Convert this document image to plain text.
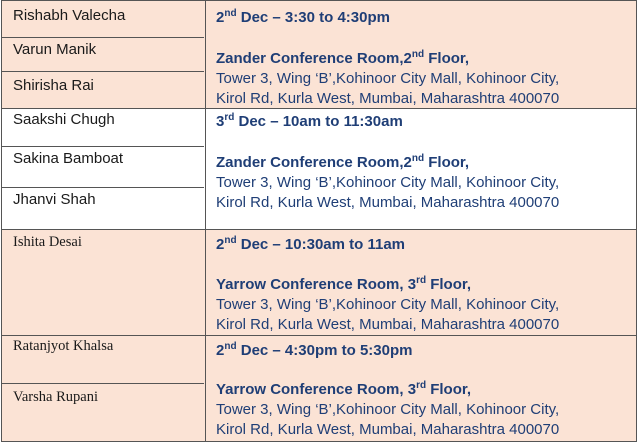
Rishabh Valecha
Varun Manik
Shirisha Rai
2nd Dec – 3:30 to 4:30pm
Zander Conference Room,2nd Floor,
Tower 3, Wing ‘B’,Kohinoor City Mall, Kohinoor City,
Kirol Rd, Kurla West, Mumbai, Maharashtra 400070
Saakshi Chugh
Sakina Bamboat
Jhanvi Shah
3rd Dec – 10am to 11:30am
Zander Conference Room,2nd Floor,
Tower 3, Wing ‘B’,Kohinoor City Mall, Kohinoor City,
Kirol Rd, Kurla West, Mumbai, Maharashtra 400070
Ishita Desai	2nd Dec – 10:30am to 11am
Yarrow Conference Room, 3rd Floor,
Tower 3, Wing ‘B’,Kohinoor City Mall, Kohinoor City,
Kirol Rd, Kurla West, Mumbai, Maharashtra 400070
Ratanjyot Khalsa
Varsha Rupani
2nd Dec – 4:30pm to 5:30pm
Yarrow Conference Room, 3rd Floor,
Tower 3, Wing ‘B’,Kohinoor City Mall, Kohinoor City,
Kirol Rd, Kurla West, Mumbai, Maharashtra 400070
